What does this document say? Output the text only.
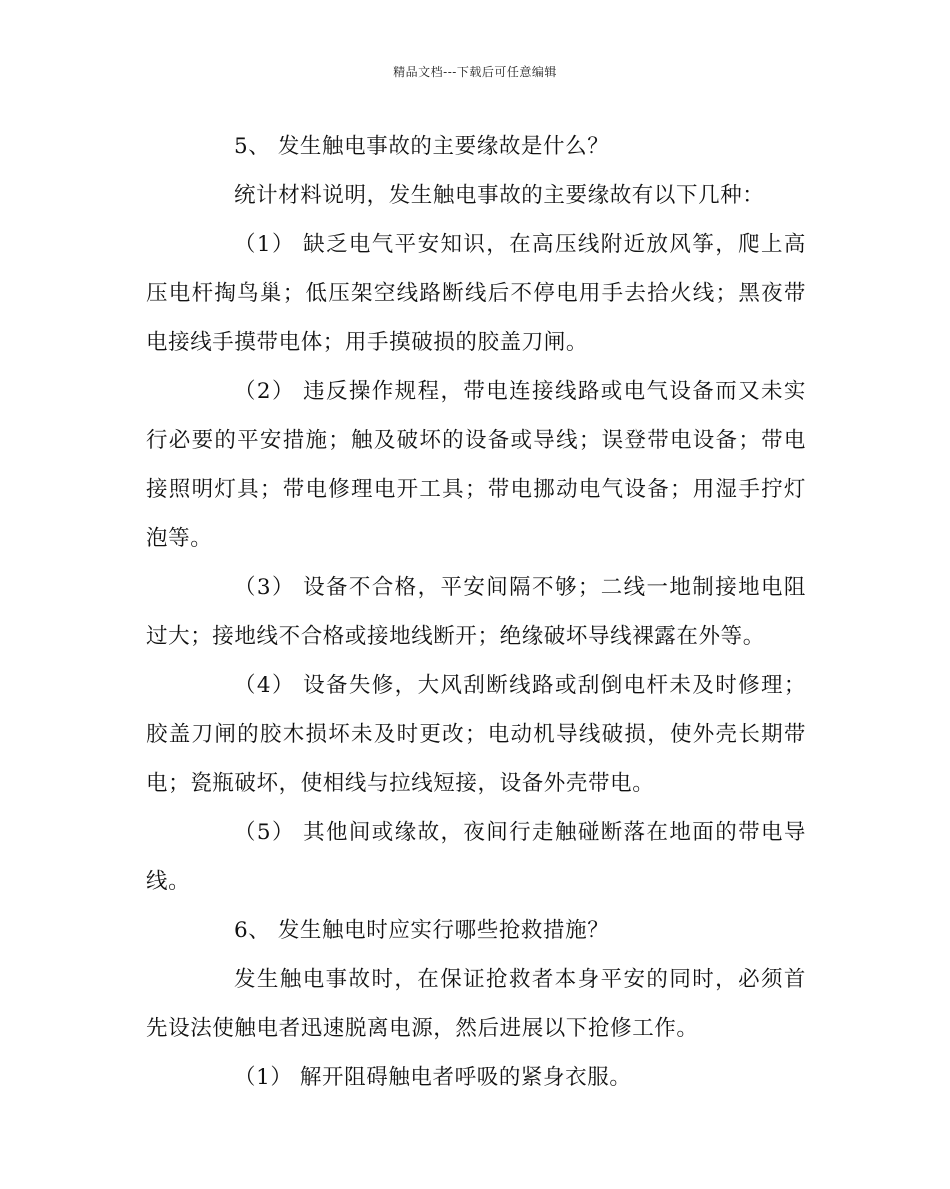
精品文档---下载后可任意编辑

5、 发生触电事故的主要缘故是什么？

统计材料说明，发生触电事故的主要缘故有以下几种：

（1） 缺乏电气平安知识，在高压线附近放风筝，爬上高压电杆掏鸟巢；低压架空线路断线后不停电用手去拾火线；黑夜带电接线手摸带电体；用手摸破损的胶盖刀闸。

（2） 违反操作规程，带电连接线路或电气设备而又未实行必要的平安措施；触及破坏的设备或导线；误登带电设备；带电接照明灯具；带电修理电开工具；带电挪动电气设备；用湿手拧灯泡等。

（3） 设备不合格，平安间隔不够；二线一地制接地电阻过大；接地线不合格或接地线断开；绝缘破坏导线裸露在外等。

（4） 设备失修，大风刮断线路或刮倒电杆未及时修理；胶盖刀闸的胶木损坏未及时更改；电动机导线破损，使外壳长期带电；瓷瓶破坏，使相线与拉线短接，设备外壳带电。

（5） 其他间或缘故，夜间行走触碰断落在地面的带电导线。

6、 发生触电时应实行哪些抢救措施？

发生触电事故时，在保证抢救者本身平安的同时，必须首先设法使触电者迅速脱离电源，然后进展以下抢修工作。

（1） 解开阻碍触电者呼吸的紧身衣服。
